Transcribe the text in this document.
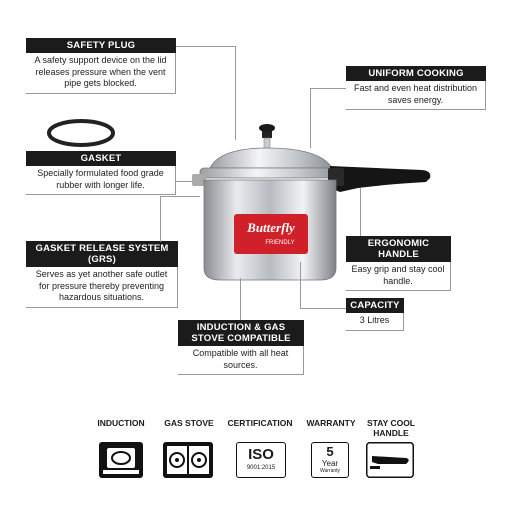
SAFETY PLUG
A safety support device on the lid releases pressure when the vent pipe gets blocked.
UNIFORM COOKING
Fast and even heat distribution saves energy.
GASKET
Specially formulated food grade rubber with longer life.
GASKET RELEASE SYSTEM (GRS)
Serves as yet another safe outlet for pressure thereby preventing hazardous situations.
Butterfly
FRIENDLY	ERGONOMIC HANDLE
Easy grip and stay cool handle.
CAPACITY
3 Litres
INDUCTION & GAS STOVE COMPATIBLE
Compatible with all heat sources.
INDUCTION	GAS STOVE	CERTIFICATION	WARRANTY	STAY COOL HANDLE
ISO
9001:2015
5
Year
Warranty
